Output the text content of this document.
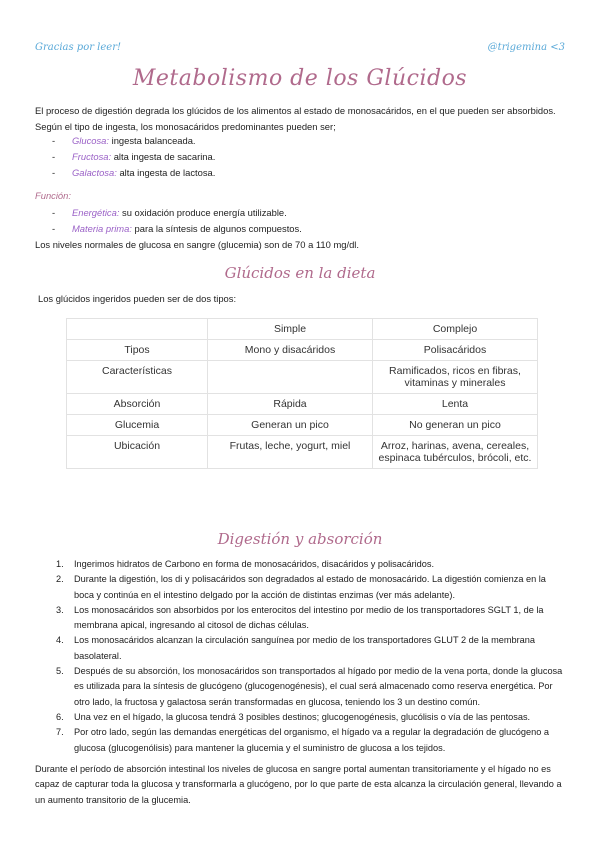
Gracias por leer!	@trigemina <3
Metabolismo de los Glúcidos
El proceso de digestión degrada los glúcidos de los alimentos al estado de monosacáridos, en el que pueden ser absorbidos. Según el tipo de ingesta, los monosacáridos predominantes pueden ser;
-	Glucosa:
ingesta balanceada.
-	Fructosa:
alta ingesta de sacarina.
-	Galactosa:
alta ingesta de lactosa.
Función:
-	Energética:
su oxidación produce energía utilizable.
-	Materia prima:
para la síntesis de algunos compuestos.
Los niveles normales de glucosa en sangre (glucemia) son de 70 a 110 mg/dl.
Glúcidos en la dieta
Los glúcidos ingeridos pueden ser de dos tipos:
	Simple	Complejo
Tipos	Mono y disacáridos	Polisacáridos
Características		Ramificados, ricos en fibras, vitaminas y minerales
Absorción	Rápida	Lenta
Glucemia	Generan un pico	No generan un pico
Ubicación	Frutas, leche, yogurt, miel	Arroz, harinas, avena, cereales, espinaca tubérculos, brócoli, etc.
Digestión y absorción
1.	Ingerimos hidratos de Carbono en forma de monosacáridos, disacáridos y polisacáridos.
2.	Durante la digestión, los di y polisacáridos son degradados al estado de monosacárido. La digestión comienza en la boca y continúa en el intestino delgado por la acción de distintas enzimas (ver más adelante).
3.	Los monosacáridos son absorbidos por los enterocitos del intestino por medio de los transportadores SGLT 1, de la membrana apical, ingresando al citosol de dichas células.
4.	Los monosacáridos alcanzan la circulación sanguínea por medio de los transportadores GLUT 2 de la membrana basolateral.
5.	Después de su absorción, los monosacáridos son transportados al hígado por medio de la vena porta, donde la glucosa es utilizada para la síntesis de glucógeno (glucogenogénesis), el cual será almacenado como reserva energética. Por otro lado, la fructosa y galactosa serán transformadas en glucosa, teniendo los 3 un destino común.
6.	Una vez en el hígado, la glucosa tendrá 3 posibles destinos; glucogenogénesis, glucólisis o vía de las pentosas.
7.	Por otro lado, según las demandas energéticas del organismo, el hígado va a regular la degradación de glucógeno a glucosa (glucogenólisis) para mantener la glucemia y el suministro de glucosa a los tejidos.
Durante el período de absorción intestinal los niveles de glucosa en sangre portal aumentan transitoriamente y el hígado no es capaz de capturar toda la glucosa y transformarla a glucógeno, por lo que parte de esta alcanza la circulación general, llevando a un aumento transitorio de la glucemia.
